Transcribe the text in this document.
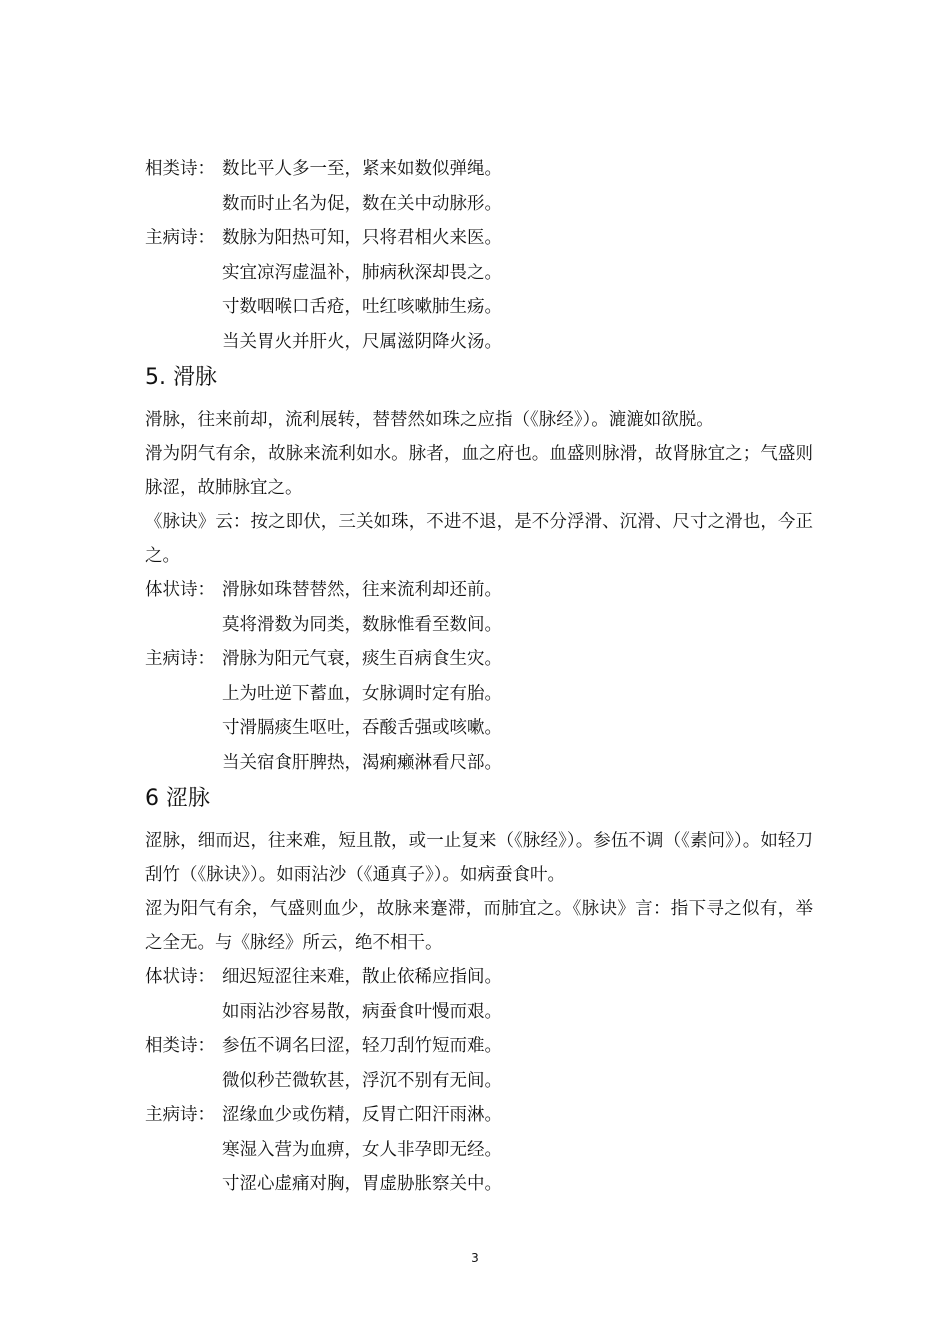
相类诗： 数比平人多一至，紧来如数似弹绳。
数而时止名为促，数在关中动脉形。
主病诗： 数脉为阳热可知，只将君相火来医。
实宜凉泻虚温补，肺病秋深却畏之。
寸数咽喉口舌疮，吐红咳嗽肺生疡。
当关胃火并肝火，尺属滋阴降火汤。
5. 滑脉

滑脉，往来前却，流利展转，替替然如珠之应指（《脉经》）。漉漉如欲脱。

滑为阴气有余，故脉来流利如水。脉者，血之府也。血盛则脉滑，故肾脉宜之；气盛则脉涩，故肺脉宜之。

《脉诀》云：按之即伏，三关如珠，不进不退，是不分浮滑、沉滑、尺寸之滑也，今正之。

体状诗： 滑脉如珠替替然，往来流利却还前。
莫将滑数为同类，数脉惟看至数间。
主病诗： 滑脉为阳元气衰，痰生百病食生灾。
上为吐逆下蓄血，女脉调时定有胎。
寸滑膈痰生呕吐，吞酸舌强或咳嗽。
当关宿食肝脾热，渴痢癞淋看尺部。
6 涩脉

涩脉，细而迟，往来难，短且散，或一止复来（《脉经》）。参伍不调（《素问》）。如轻刀刮竹（《脉诀》）。如雨沾沙（《通真子》）。如病蚕食叶。

涩为阳气有余，气盛则血少，故脉来蹇滞，而肺宜之。《脉诀》言：指下寻之似有，举之全无。与《脉经》所云，绝不相干。

体状诗： 细迟短涩往来难，散止依稀应指间。
如雨沾沙容易散，病蚕食叶慢而艰。
相类诗： 参伍不调名曰涩，轻刀刮竹短而难。
微似秒芒微软甚，浮沉不别有无间。
主病诗： 涩缘血少或伤精，反胃亡阳汗雨淋。
寒湿入营为血痹，女人非孕即无经。
寸涩心虚痛对胸，胃虚胁胀察关中。
3
